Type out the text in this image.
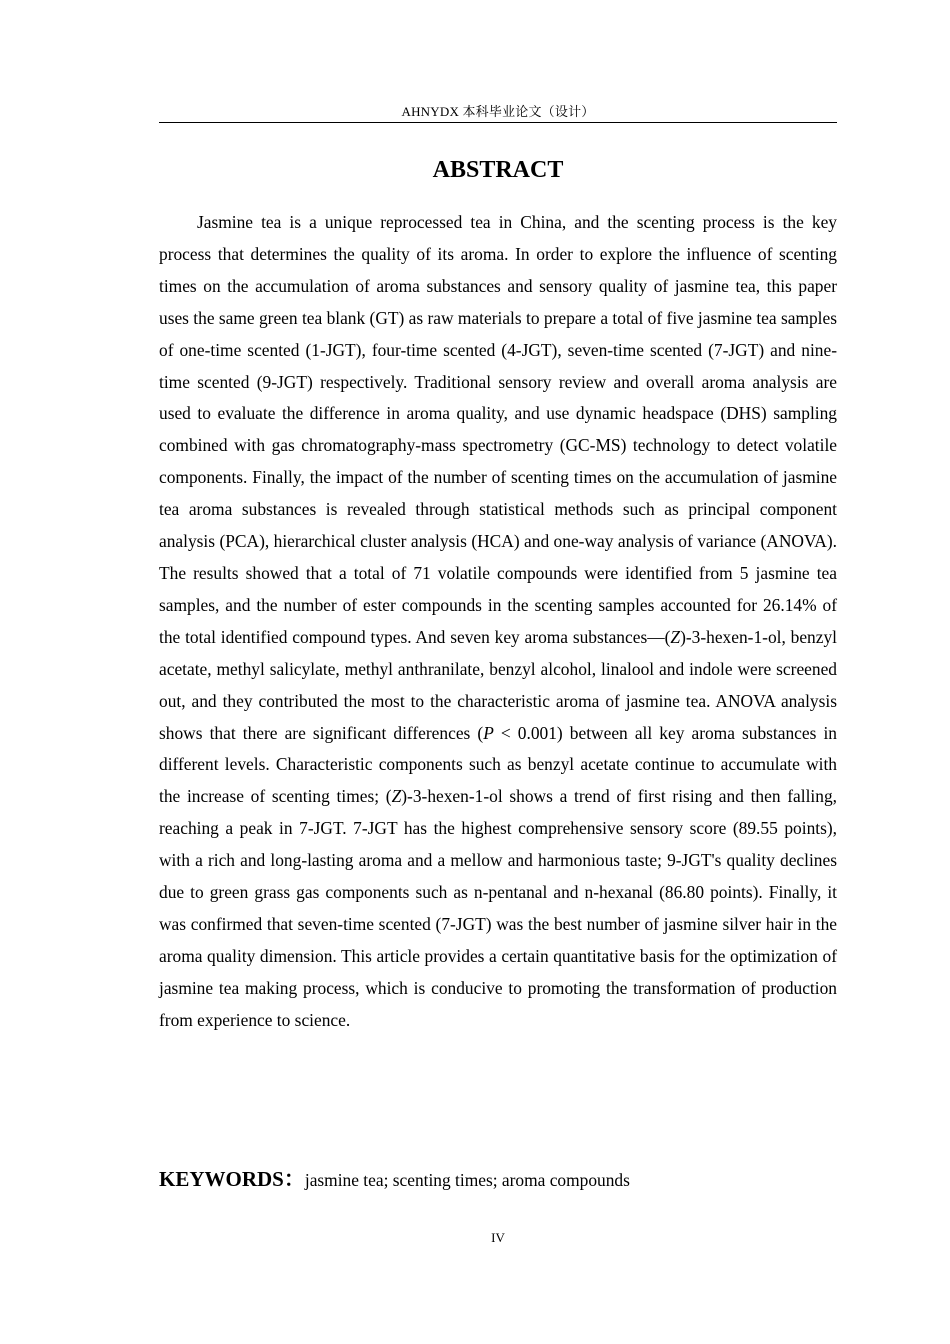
AHNYDX 本科毕业论文（设计）
ABSTRACT

Jasmine tea is a unique reprocessed tea in China, and the scenting process is the key process that determines the quality of its aroma. In order to explore the influence of scenting times on the accumulation of aroma substances and sensory quality of jasmine tea, this paper uses the same green tea blank (GT) as raw materials to prepare a total of five jasmine tea samples of one-time scented (1-JGT), four-time scented (4-JGT), seven-time scented (7-JGT) and nine-time scented (9-JGT) respectively. Traditional sensory review and overall aroma analysis are used to evaluate the difference in aroma quality, and use dynamic headspace (DHS) sampling combined with gas chromatography-mass spectrometry (GC-MS) technology to detect volatile components. Finally, the impact of the number of scenting times on the accumulation of jasmine tea aroma substances is revealed through statistical methods such as principal component analysis (PCA), hierarchical cluster analysis (HCA) and one-way analysis of variance (ANOVA). The results showed that a total of 71 volatile compounds were identified from 5 jasmine tea samples, and the number of ester compounds in the scenting samples accounted for 26.14% of the total identified compound types. And seven key aroma substances—(Z)-3-hexen-1-ol, benzyl acetate, methyl salicylate, methyl anthranilate, benzyl alcohol, linalool and indole were screened out, and they contributed the most to the characteristic aroma of jasmine tea. ANOVA analysis shows that there are significant differences (P < 0.001) between all key aroma substances in different levels. Characteristic components such as benzyl acetate continue to accumulate with the increase of scenting times; (Z)-3-hexen-1-ol shows a trend of first rising and then falling, reaching a peak in 7-JGT. 7-JGT has the highest comprehensive sensory score (89.55 points), with a rich and long-lasting aroma and a mellow and harmonious taste; 9-JGT's quality declines due to green grass gas components such as n-pentanal and n-hexanal (86.80 points). Finally, it was confirmed that seven-time scented (7-JGT) was the best number of jasmine silver hair in the aroma quality dimension. This article provides a certain quantitative basis for the optimization of jasmine tea making process, which is conducive to promoting the transformation of production from experience to science.

KEYWORDS：jasmine tea; scenting times; aroma compounds
IV
